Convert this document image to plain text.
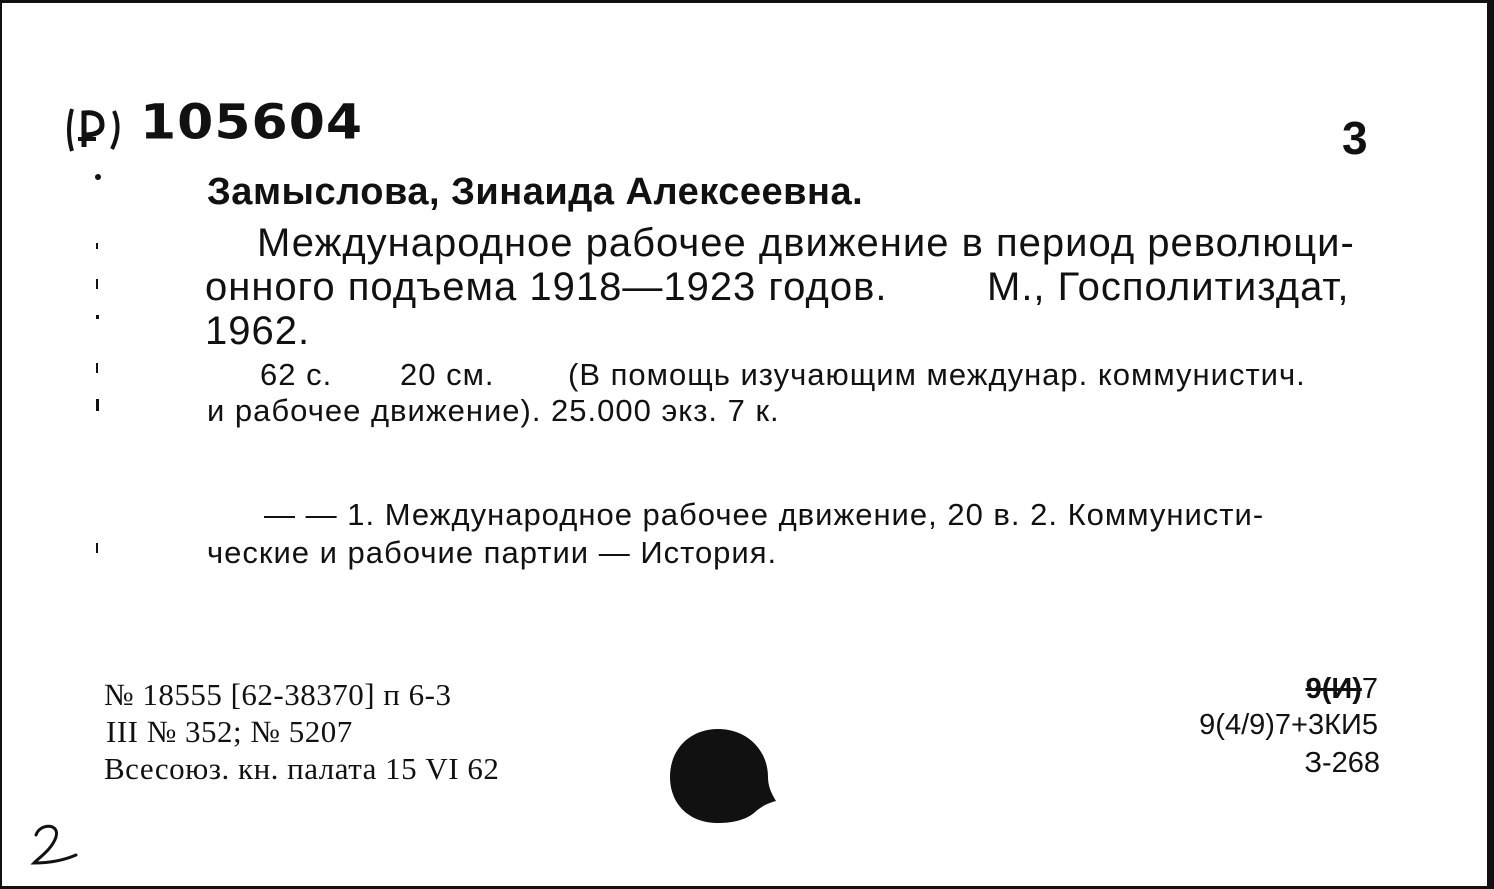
Р 105604	3
Замыслова, Зинаида Алексеевна.
Международное рабочее движение в период революци-
онного подъема 1918—1923 годов. М., Госполитиздат,
1962.
62 с. 20 см. (В помощь изучающим междунар. коммунистич.
и рабочее движение). 25.000 экз. 7 к.
— — 1. Международное рабочее движение, 20 в. 2. Коммунисти-
ческие и рабочие партии — История.
№ 18555 [62-38370] п 6-3
III № 352; № 5207
Всесоюз. кн. палата 15 VI 62
9(И)7
9(4/9)7+3КИ5
З-268
2
